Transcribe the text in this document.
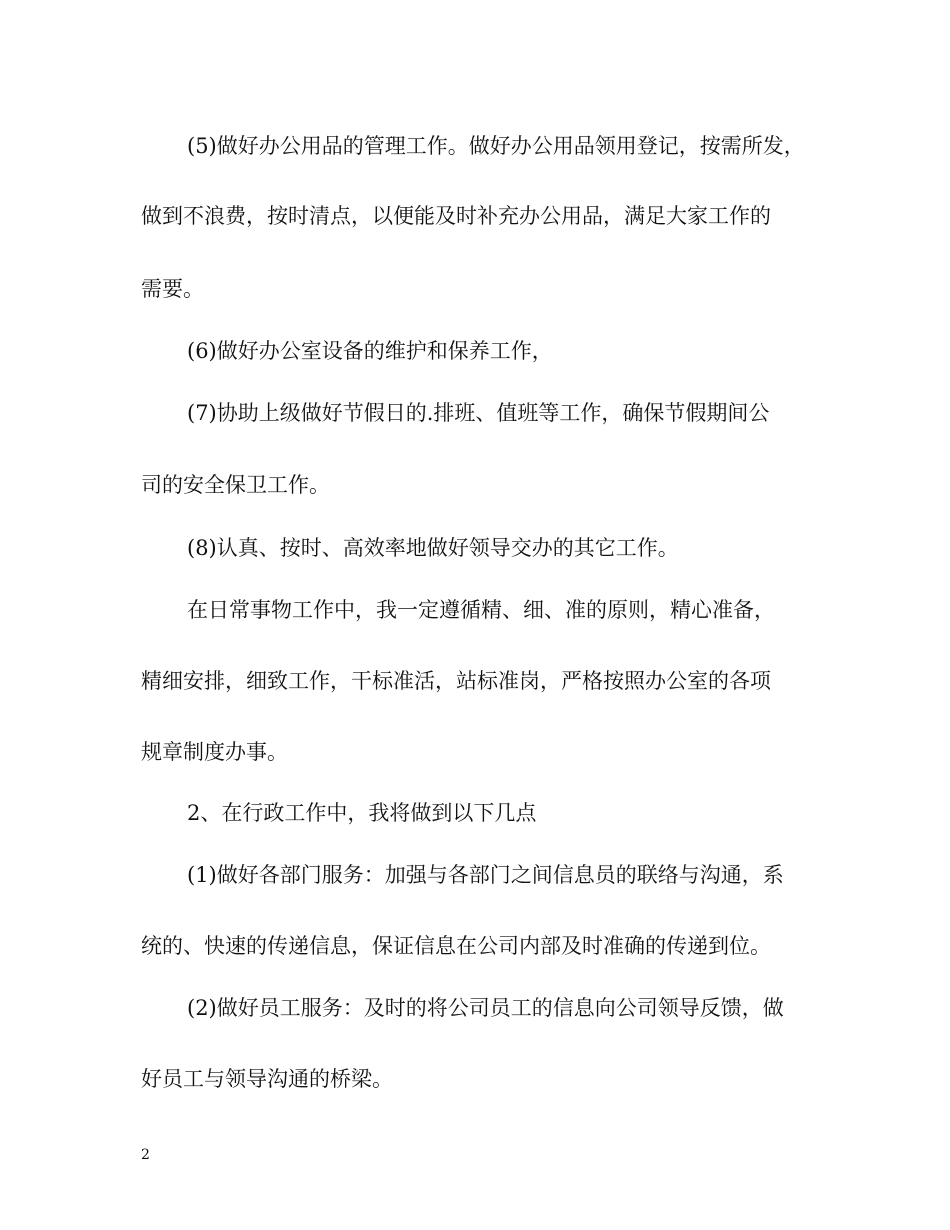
(5)做好办公用品的管理工作。做好办公用品领用登记，按需所发，
做到不浪费，按时清点，以便能及时补充办公用品，满足大家工作的
需要。
(6)做好办公室设备的维护和保养工作，
(7)协助上级做好节假日的.排班、值班等工作，确保节假期间公
司的安全保卫工作。
(8)认真、按时、高效率地做好领导交办的其它工作。
在日常事物工作中，我一定遵循精、细、准的原则，精心准备，
精细安排，细致工作，干标准活，站标准岗，严格按照办公室的各项
规章制度办事。
2、在行政工作中，我将做到以下几点
(1)做好各部门服务：加强与各部门之间信息员的联络与沟通，系
统的、快速的传递信息，保证信息在公司内部及时准确的传递到位。
(2)做好员工服务：及时的将公司员工的信息向公司领导反馈，做
好员工与领导沟通的桥梁。
2
